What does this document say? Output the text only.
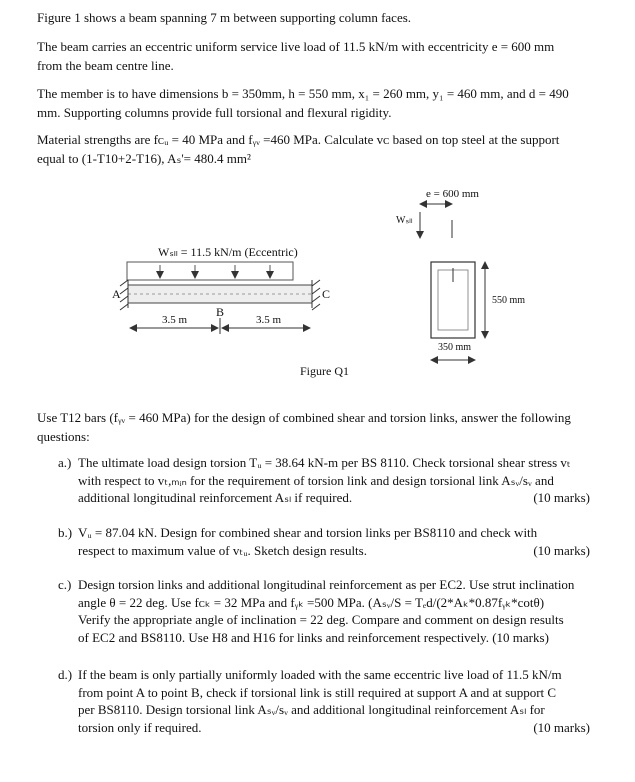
Figure 1 shows a beam spanning 7 m between supporting column faces.
The beam carries an eccentric uniform service live load of 11.5 kN/m with eccentricity e = 600 mm
from the beam centre line.
The member is to have dimensions b = 350mm, h = 550 mm, x₁ = 260 mm, y₁ = 460 mm, and d = 490
mm. Supporting columns provide full torsional and flexural rigidity.
Material strengths are fᴄᵤ = 40 MPa and fᵧᵥ =460 MPa. Calculate vᴄ based on top steel at the support
equal to (1-T10+2-T16), Aₛ'= 480.4 mm²
Wₛₗₗ = 11.5 kN/m (Eccentric)
A	C
B
3.5 m	3.5 m
e = 600 mm
Wₛₗₗ
550 mm
350 mm
Figure Q1
Use T12 bars (fᵧᵥ = 460 MPa) for the design of combined shear and torsion links, answer the following
questions:
a.) The ultimate load design torsion Tᵤ = 38.64 kN-m per BS 8110. Check torsional shear stress vₜ
with respect to vₜ,ₘᵢₙ for the requirement of torsion link and design torsional link Aₛᵥ/sᵥ and
additional longitudinal reinforcement Aₛₗ if required.	(10 marks)
b.) Vᵤ = 87.04 kN. Design for combined shear and torsion links per BS8110 and check with
respect to maximum value of vₜᵤ. Sketch design results.	(10 marks)
c.) Design torsion links and additional longitudinal reinforcement as per EC2. Use strut inclination
angle θ = 22 deg. Use fᴄₖ = 32 MPa and fᵧₖ =500 MPa. (Aₛᵥ/S = Tₑd/(2*Aₖ*0.87fᵧₖ*cotθ)
Verify the appropriate angle of inclination = 22 deg. Compare and comment on design results
of EC2 and BS8110. Use H8 and H16 for links and reinforcement respectively. (10 marks)
d.) If the beam is only partially uniformly loaded with the same eccentric live load of 11.5 kN/m
from point A to point B, check if torsional link is still required at support A and at support C
per BS8110. Design torsional link Aₛᵥ/sᵥ and additional longitudinal reinforcement Aₛₗ for
torsion only if required.	(10 marks)
